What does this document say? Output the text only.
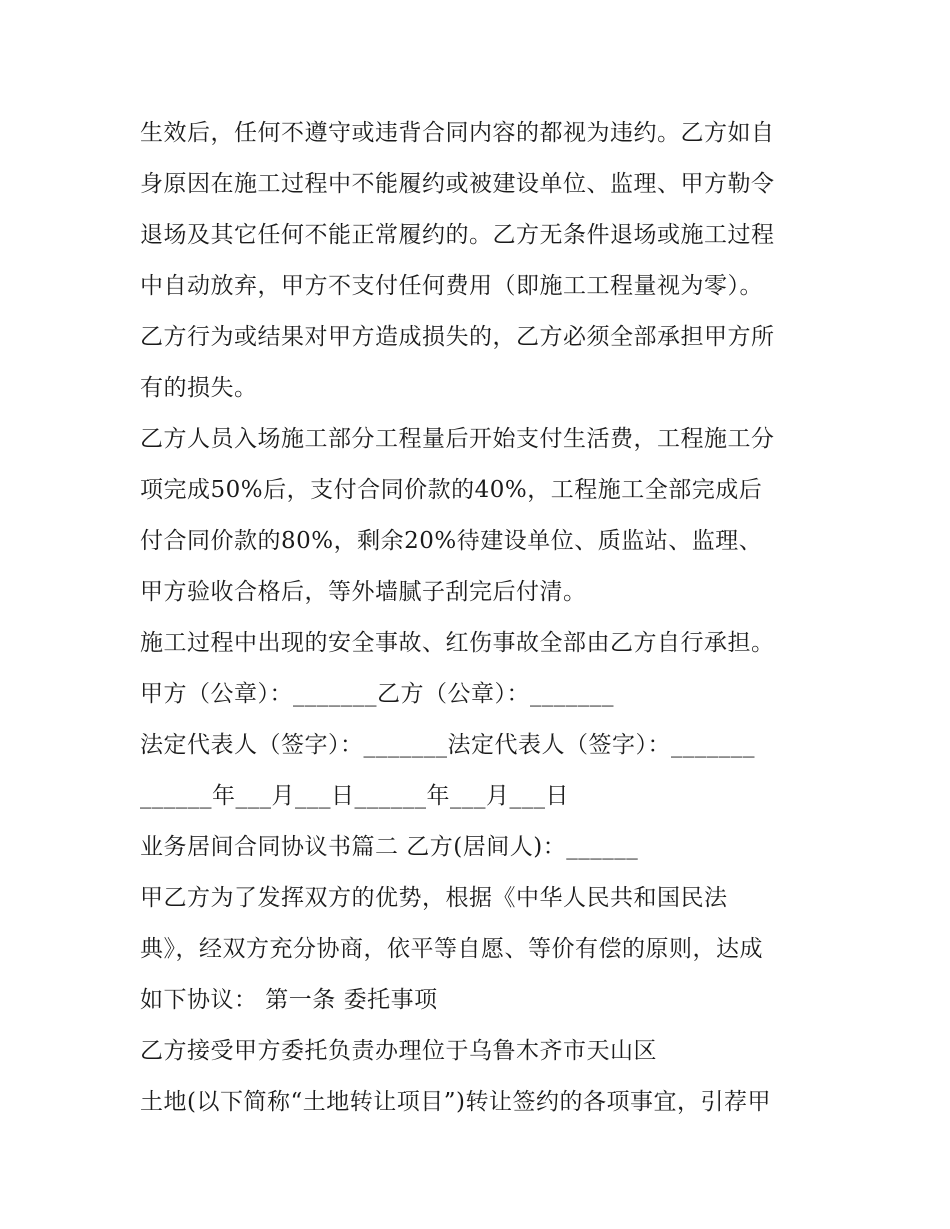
生效后，任何不遵守或违背合同内容的都视为违约。乙方如自
身原因在施工过程中不能履约或被建设单位、监理、甲方勒令
退场及其它任何不能正常履约的。乙方无条件退场或施工过程
中自动放弃，甲方不支付任何费用（即施工工程量视为零）。
乙方行为或结果对甲方造成损失的，乙方必须全部承担甲方所
有的损失。
乙方人员入场施工部分工程量后开始支付生活费，工程施工分
项完成50%后，支付合同价款的40%，工程施工全部完成后
付合同价款的80%，剩余20%待建设单位、质监站、监理、
甲方验收合格后，等外墙腻子刮完后付清。
施工过程中出现的安全事故、红伤事故全部由乙方自行承担。
甲方（公章）：_______乙方（公章）：_______
法定代表人（签字）：_______法定代表人（签字）：_______
______年___月___日______年___月___日
业务居间合同协议书篇二 乙方(居间人)：______
甲乙方为了发挥双方的优势，根据《中华人民共和国民法
典》，经双方充分协商，依平等自愿、等价有偿的原则，达成
如下协议： 第一条 委托事项
乙方接受甲方委托负责办理位于乌鲁木齐市天山区
土地(以下简称“土地转让项目”)转让签约的各项事宜，引荐甲
